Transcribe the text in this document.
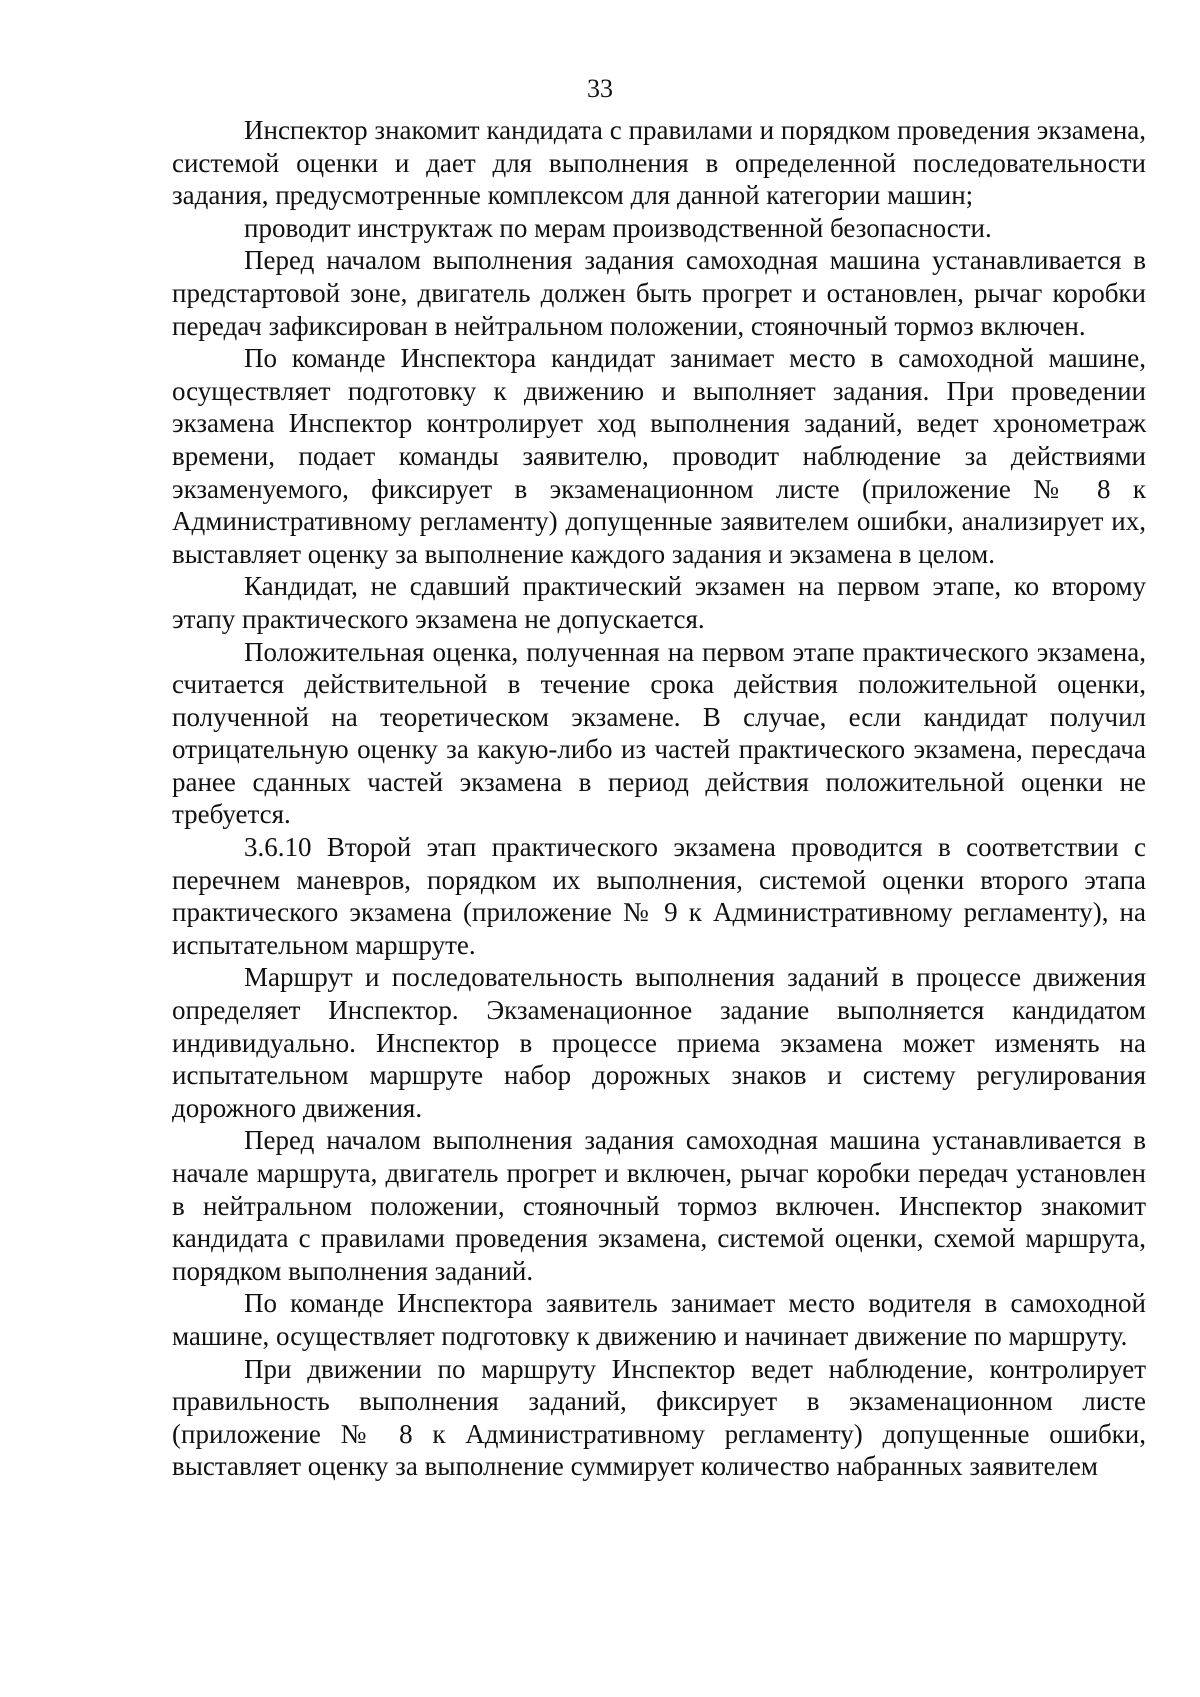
33

Инспектор знакомит кандидата с правилами и порядком проведения экзамена, системой оценки и дает для выполнения в определенной последовательности задания, предусмотренные комплексом для данной категории машин;

проводит инструктаж по мерам производственной безопасности.

Перед началом выполнения задания самоходная машина устанавливается в предстартовой зоне, двигатель должен быть прогрет и остановлен, рычаг коробки передач зафиксирован в нейтральном положении, стояночный тормоз включен.

По команде Инспектора кандидат занимает место в самоходной машине, осуществляет подготовку к движению и выполняет задания. При проведении экзамена Инспектор контролирует ход выполнения заданий, ведет хронометраж времени, подает команды заявителю, проводит наблюдение за действиями экзаменуемого, фиксирует в экзаменационном листе (приложение № 8 к Административному регламенту) допущенные заявителем ошибки, анализирует их, выставляет оценку за выполнение каждого задания и экзамена в целом.

Кандидат, не сдавший практический экзамен на первом этапе, ко второму этапу практического экзамена не допускается.

Положительная оценка, полученная на первом этапе практического экзамена, считается действительной в течение срока действия положительной оценки, полученной на теоретическом экзамене. В случае, если кандидат получил отрицательную оценку за какую-либо из частей практического экзамена, пересдача ранее сданных частей экзамена в период действия положительной оценки не требуется.

3.6.10 Второй этап практического экзамена проводится в соответствии с перечнем маневров, порядком их выполнения, системой оценки второго этапа практического экзамена (приложение № 9 к Административному регламенту), на испытательном маршруте.

Маршрут и последовательность выполнения заданий в процессе движения определяет Инспектор. Экзаменационное задание выполняется кандидатом индивидуально. Инспектор в процессе приема экзамена может изменять на испытательном маршруте набор дорожных знаков и систему регулирования дорожного движения.

Перед началом выполнения задания самоходная машина устанавливается в начале маршрута, двигатель прогрет и включен, рычаг коробки передач установлен в нейтральном положении, стояночный тормоз включен. Инспектор знакомит кандидата с правилами проведения экзамена, системой оценки, схемой маршрута, порядком выполнения заданий.

По команде Инспектора заявитель занимает место водителя в самоходной машине, осуществляет подготовку к движению и начинает движение по маршруту.

При движении по маршруту Инспектор ведет наблюдение, контролирует правильность выполнения заданий, фиксирует в экзаменационном листе (приложение № 8 к Административному регламенту) допущенные ошибки, выставляет оценку за выполнение суммирует количество набранных заявителем
